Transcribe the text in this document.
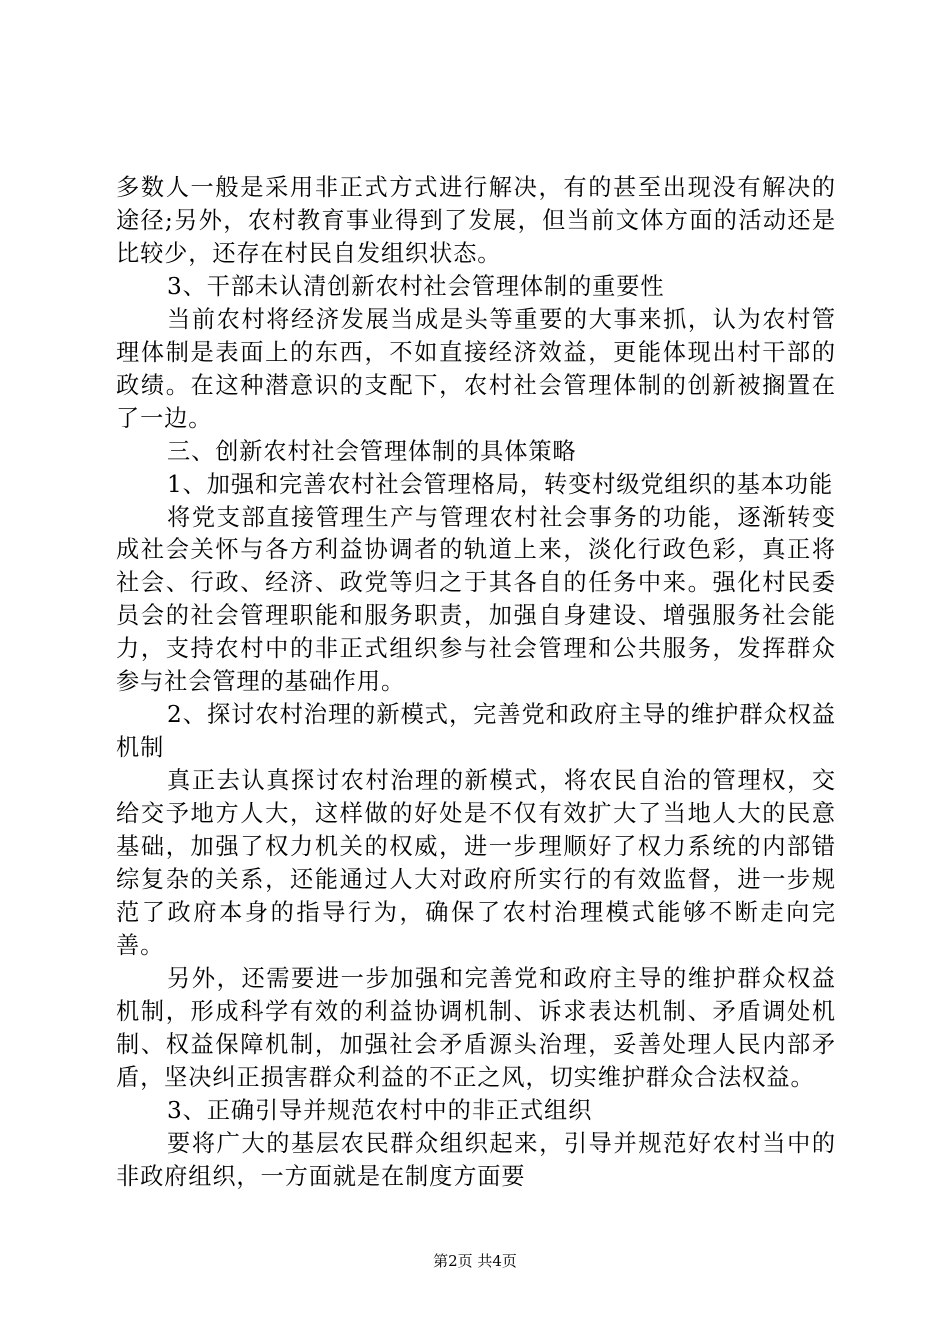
多数人一般是采用非正式方式进行解决，有的甚至出现没有解决的途径;另外，农村教育事业得到了发展，但当前文体方面的活动还是比较少，还存在村民自发组织状态。

3、干部未认清创新农村社会管理体制的重要性

当前农村将经济发展当成是头等重要的大事来抓，认为农村管理体制是表面上的东西，不如直接经济效益，更能体现出村干部的政绩。在这种潜意识的支配下，农村社会管理体制的创新被搁置在了一边。

三、创新农村社会管理体制的具体策略

1、加强和完善农村社会管理格局，转变村级党组织的基本功能

将党支部直接管理生产与管理农村社会事务的功能，逐渐转变成社会关怀与各方利益协调者的轨道上来，淡化行政色彩，真正将社会、行政、经济、政党等归之于其各自的任务中来。强化村民委员会的社会管理职能和服务职责，加强自身建设、增强服务社会能力，支持农村中的非正式组织参与社会管理和公共服务，发挥群众参与社会管理的基础作用。

2、探讨农村治理的新模式，完善党和政府主导的维护群众权益机制

真正去认真探讨农村治理的新模式，将农民自治的管理权，交给交予地方人大，这样做的好处是不仅有效扩大了当地人大的民意基础，加强了权力机关的权威，进一步理顺好了权力系统的内部错综复杂的关系，还能通过人大对政府所实行的有效监督，进一步规范了政府本身的指导行为，确保了农村治理模式能够不断走向完善。

另外，还需要进一步加强和完善党和政府主导的维护群众权益机制，形成科学有效的利益协调机制、诉求表达机制、矛盾调处机制、权益保障机制，加强社会矛盾源头治理，妥善处理人民内部矛盾，坚决纠正损害群众利益的不正之风，切实维护群众合法权益。

3、正确引导并规范农村中的非正式组织

要将广大的基层农民群众组织起来，引导并规范好农村当中的非政府组织，一方面就是在制度方面要

第2页 共4页
